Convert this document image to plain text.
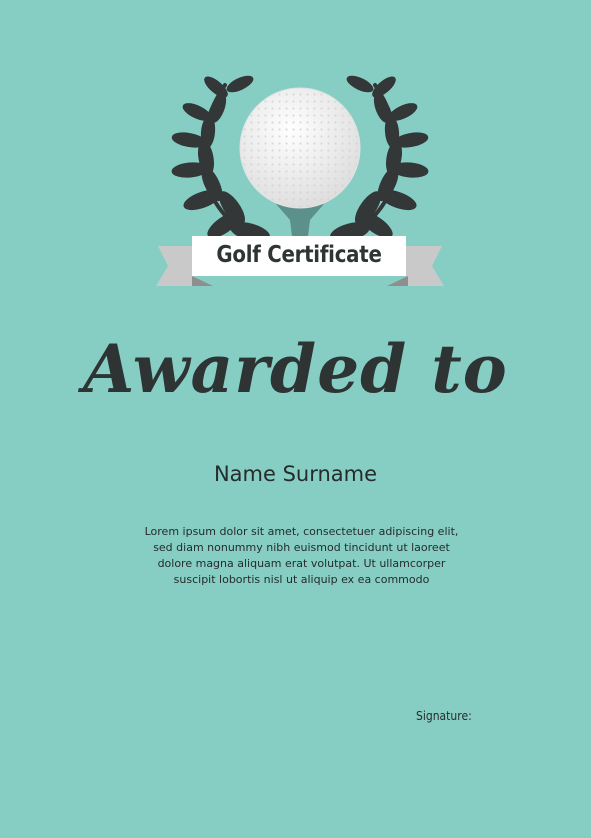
Golf Certificate
Awarded to
Name Surname
Lorem ipsum dolor sit amet, consectetuer adipiscing elit, sed diam nonummy nibh euismod tincidunt ut laoreet dolore magna aliquam erat volutpat. Ut ullamcorper suscipit lobortis nisl ut aliquip ex ea commodo
Signature:
